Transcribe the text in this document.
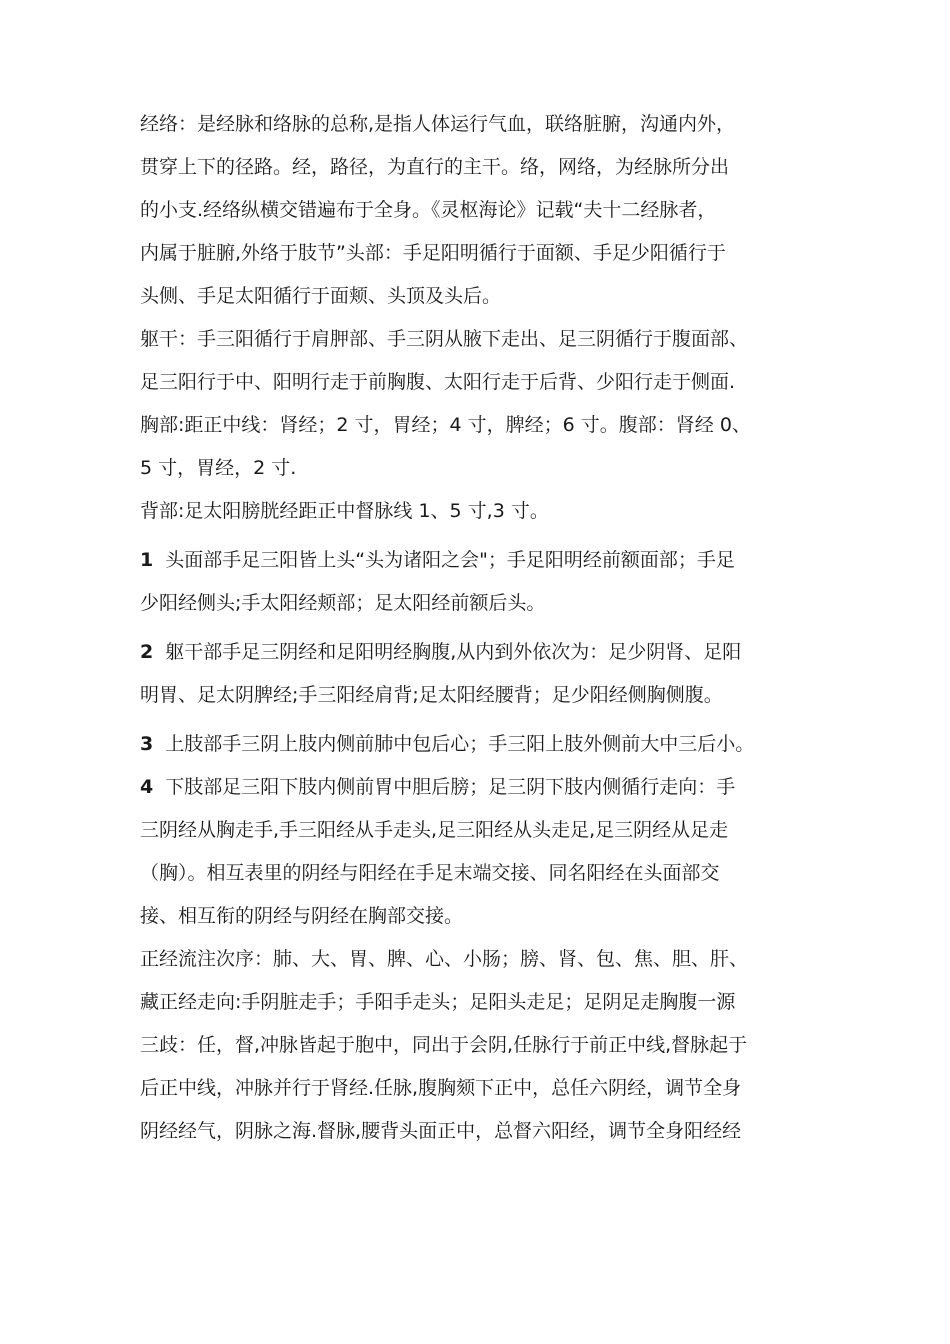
经络：是经脉和络脉的总称,是指人体运行气血，联络脏腑，沟通内外，
贯穿上下的径路。经，路径，为直行的主干。络，网络，为经脉所分出
的小支.经络纵横交错遍布于全身。《灵枢海论》记载“夫十二经脉者，
内属于脏腑,外络于肢节”头部：手足阳明循行于面额、手足少阳循行于
头侧、手足太阳循行于面颊、头顶及头后。
躯干：手三阳循行于肩胛部、手三阴从腋下走出、足三阴循行于腹面部、
足三阳行于中、阳明行走于前胸腹、太阳行走于后背、少阳行走于侧面.
胸部:距正中线：肾经；2 寸，胃经；4 寸，脾经；6 寸。腹部：肾经 0、
5 寸，胃经，2 寸.
背部:足太阳膀胱经距正中督脉线 1、5 寸,3 寸。
1 头面部手足三阳皆上头“头为诸阳之会"；手足阳明经前额面部；手足
少阳经侧头;手太阳经颊部；足太阳经前额后头。
2 躯干部手足三阴经和足阳明经胸腹,从内到外依次为：足少阴肾、足阳
明胃、足太阴脾经;手三阳经肩背;足太阳经腰背；足少阳经侧胸侧腹。
3 上肢部手三阴上肢内侧前肺中包后心；手三阳上肢外侧前大中三后小。
4 下肢部足三阳下肢内侧前胃中胆后膀；足三阴下肢内侧循行走向：手
三阴经从胸走手,手三阳经从手走头,足三阳经从头走足,足三阴经从足走
（胸）。相互表里的阴经与阳经在手足末端交接、同名阳经在头面部交
接、相互衔的阴经与阴经在胸部交接。
正经流注次序：肺、大、胃、脾、心、小肠；膀、肾、包、焦、胆、肝、
藏正经走向:手阴脏走手；手阳手走头；足阳头走足；足阴足走胸腹一源
三歧：任，督,冲脉皆起于胞中，同出于会阴,任脉行于前正中线,督脉起于
后正中线，冲脉并行于肾经.任脉,腹胸颏下正中，总任六阴经，调节全身
阴经经气，阴脉之海.督脉,腰背头面正中，总督六阳经，调节全身阳经经
